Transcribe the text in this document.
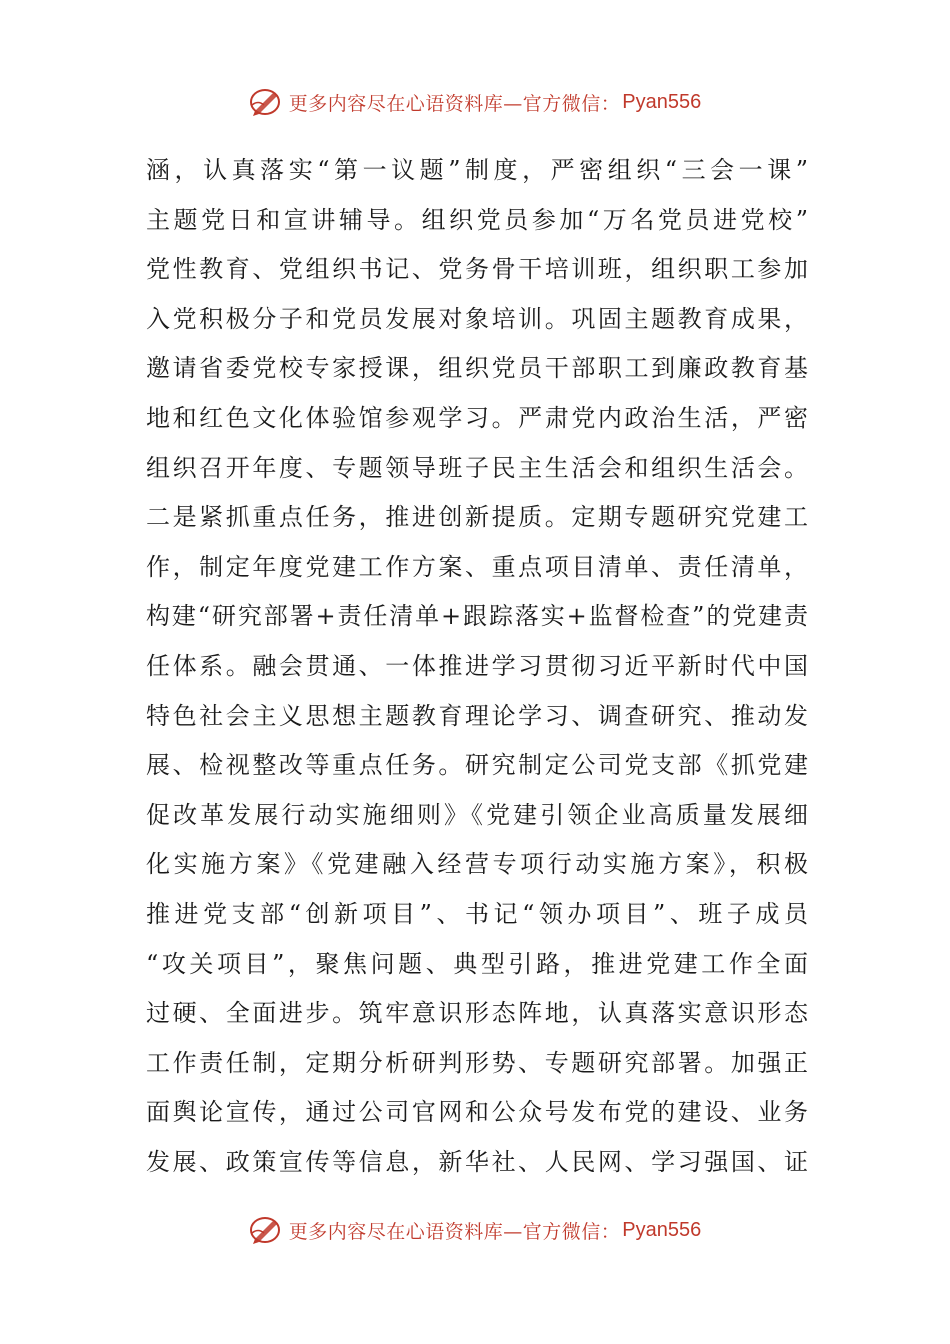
更多内容尽在心语资料库—官方微信： Pyan556
涵，认真落实“第一议题”制度，严密组织“三会一课”
主题党日和宣讲辅导。组织党员参加“万名党员进党校”
党性教育、党组织书记、党务骨干培训班，组织职工参加
入党积极分子和党员发展对象培训。巩固主题教育成果，
邀请省委党校专家授课，组织党员干部职工到廉政教育基
地和红色文化体验馆参观学习。严肃党内政治生活，严密
组织召开年度、专题领导班子民主生活会和组织生活会。
二是紧抓重点任务，推进创新提质。定期专题研究党建工
作，制定年度党建工作方案、重点项目清单、责任清单，
构建“研究部署+责任清单+跟踪落实+监督检查”的党建责
任体系。融会贯通、一体推进学习贯彻习近平新时代中国
特色社会主义思想主题教育理论学习、调查研究、推动发
展、检视整改等重点任务。研究制定公司党支部《抓党建
促改革发展行动实施细则》《党建引领企业高质量发展细
化实施方案》《党建融入经营专项行动实施方案》，积极
推进党支部“创新项目”、书记“领办项目”、班子成员
“攻关项目”，聚焦问题、典型引路，推进党建工作全面
过硬、全面进步。筑牢意识形态阵地，认真落实意识形态
工作责任制，定期分析研判形势、专题研究部署。加强正
面舆论宣传，通过公司官网和公众号发布党的建设、业务
发展、政策宣传等信息，新华社、人民网、学习强国、证
更多内容尽在心语资料库—官方微信： Pyan556
